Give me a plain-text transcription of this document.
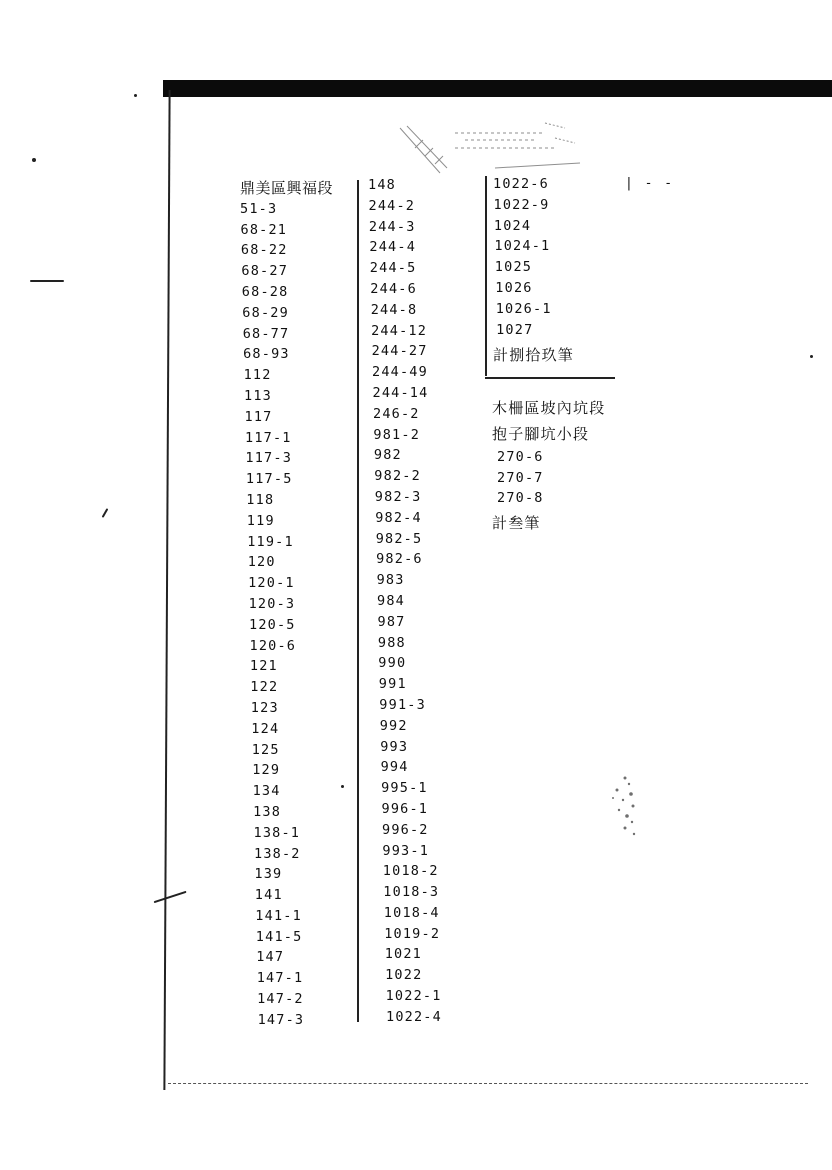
鼎美區興福段
51-3
68-21
68-22
68-27
68-28
68-29
68-77
68-93
112
113
117
117-1
117-3
117-5
118
119
119-1
120
120-1
120-3
120-5
120-6
121
122
123
124
125
129
134
138
138-1
138-2
139
141
141-1
141-5
147
147-1
147-2
147-3
148
244-2
244-3
244-4
244-5
244-6
244-8
244-12
244-27
244-49
244-14
246-2
981-2
982
982-2
982-3
982-4
982-5
982-6
983
984
987
988
990
991
991-3
992
993
994
995-1
996-1
996-2
993-1
1018-2
1018-3
1018-4
1019-2
1021
1022
1022-1
1022-4
| - -
1022-6
1022-9
1024
1024-1
1025
1026
1026-1
1027
計捌拾玖筆
木柵區坡內坑段
抱子腳坑小段
270-6
270-7
270-8
計叁筆
